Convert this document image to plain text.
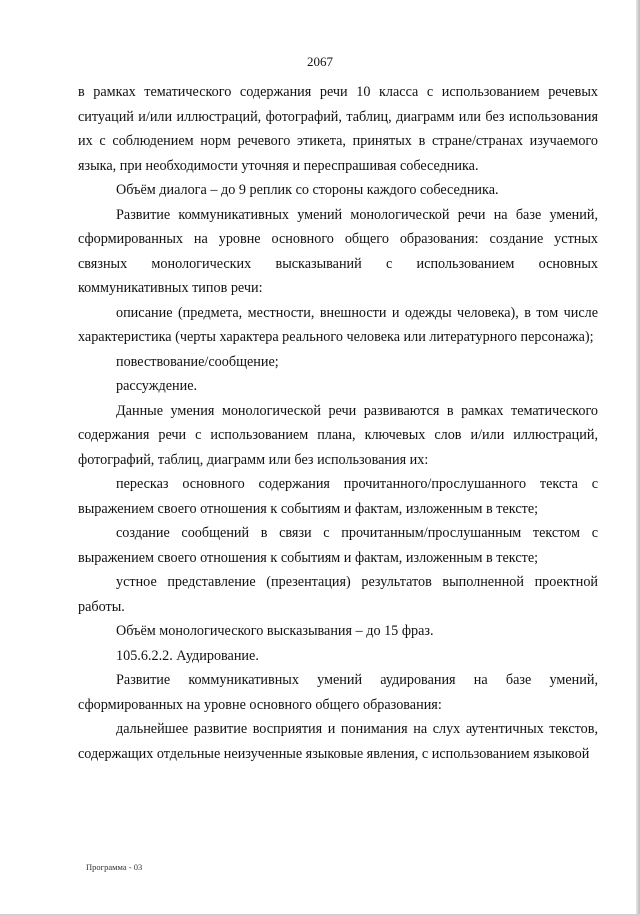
2067

в рамках тематического содержания речи 10 класса с использованием речевых ситуаций и/или иллюстраций, фотографий, таблиц, диаграмм или без использования их с соблюдением норм речевого этикета, принятых в стране/странах изучаемого языка, при необходимости уточняя и переспрашивая собеседника.

Объём диалога – до 9 реплик со стороны каждого собеседника.

Развитие коммуникативных умений монологической речи на базе умений, сформированных на уровне основного общего образования: создание устных связных монологических высказываний с использованием основных коммуникативных типов речи:

описание (предмета, местности, внешности и одежды человека), в том числе характеристика (черты характера реального человека или литературного персонажа);

повествование/сообщение;

рассуждение.

Данные умения монологической речи развиваются в рамках тематического содержания речи с использованием плана, ключевых слов и/или иллюстраций, фотографий, таблиц, диаграмм или без использования их:

пересказ основного содержания прочитанного/прослушанного текста с выражением своего отношения к событиям и фактам, изложенным в тексте;

создание сообщений в связи с прочитанным/прослушанным текстом с выражением своего отношения к событиям и фактам, изложенным в тексте;

устное представление (презентация) результатов выполненной проектной работы.

Объём монологического высказывания – до 15 фраз.

105.6.2.2. Аудирование.

Развитие коммуникативных умений аудирования на базе умений, сформированных на уровне основного общего образования:

дальнейшее развитие восприятия и понимания на слух аутентичных текстов, содержащих отдельные неизученные языковые явления, с использованием языковой

Программа - 03
